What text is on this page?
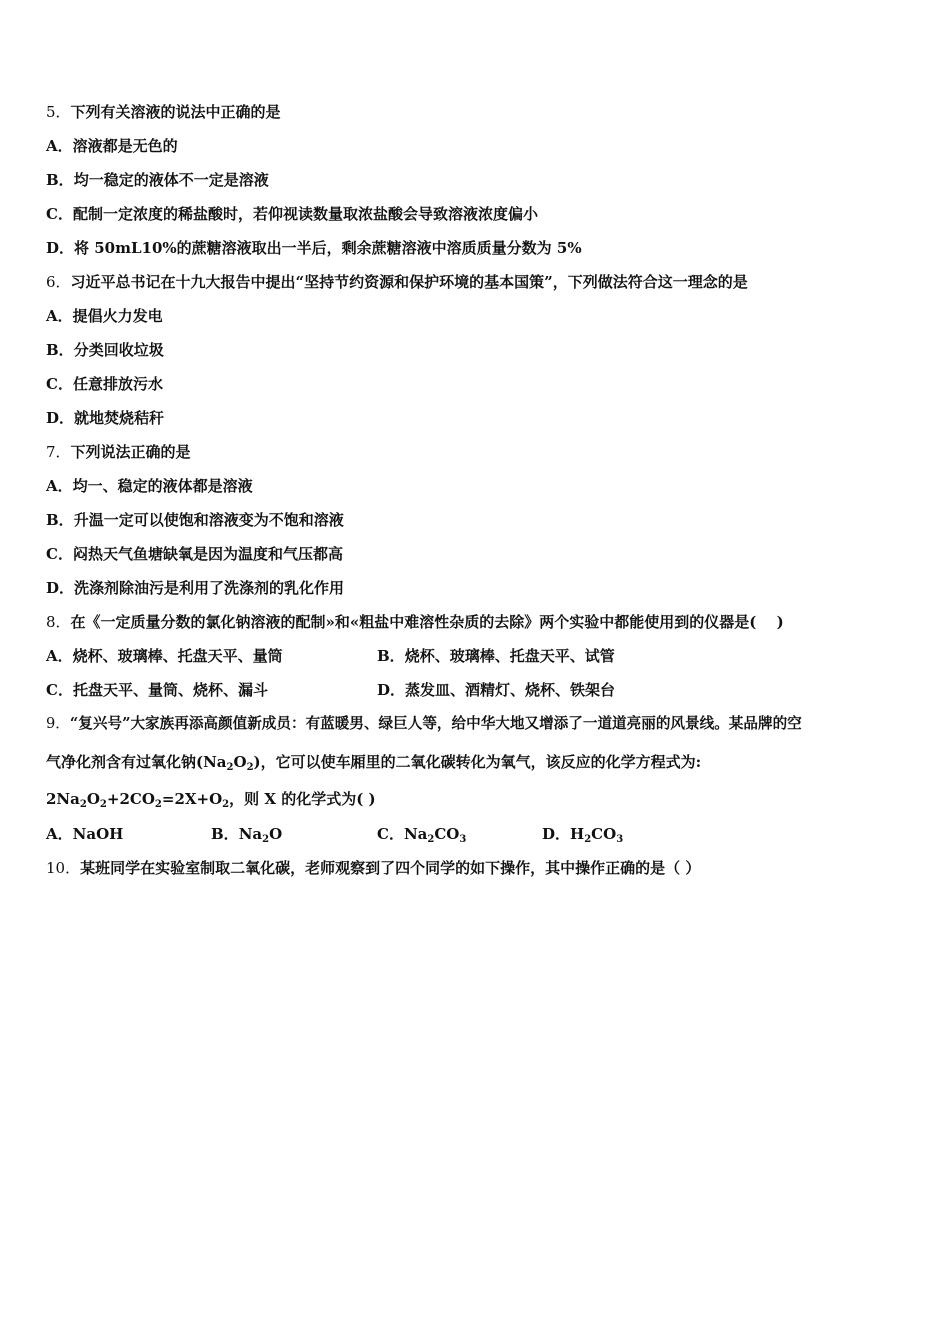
5．下列有关溶液的说法中正确的是
A．溶液都是无色的
B．均一稳定的液体不一定是溶液
C．配制一定浓度的稀盐酸时，若仰视读数量取浓盐酸会导致溶液浓度偏小
D．将 50mL10%的蔗糖溶液取出一半后，剩余蔗糖溶液中溶质质量分数为 5%
6．习近平总书记在十九大报告中提出“坚持节约资源和保护环境的基本国策”，下列做法符合这一理念的是
A．提倡火力发电
B．分类回收垃圾
C．任意排放污水
D．就地焚烧秸秆
7．下列说法正确的是
A．均一、稳定的液体都是溶液
B．升温一定可以使饱和溶液变为不饱和溶液
C．闷热天气鱼塘缺氧是因为温度和气压都高
D．洗涤剂除油污是利用了洗涤剂的乳化作用
8．在《一定质量分数的氯化钠溶液的配制»和«粗盐中难溶性杂质的去除》两个实验中都能使用到的仪器是(　 )
A．烧杯、玻璃棒、托盘天平、量筒	B．烧杯、玻璃棒、托盘天平、试管
C．托盘天平、量筒、烧杯、漏斗	D．蒸发皿、酒精灯、烧杯、铁架台
9．“复兴号”大家族再添高颜值新成员：有蓝暖男、绿巨人等，给中华大地又增添了一道道亮丽的风景线。某品牌的空
气净化剂含有过氧化钠$(Na_2O_2)$，它可以使车厢里的二氧化碳转化为氧气，该反应的化学方程式为:
$2Na_2O_2+2CO_2=2X+O_2$，则 X 的化学式为( )
A．NaOH	B．$Na_2O$	C．$Na_2CO_3$	D．$H_2CO_3$
10．某班同学在实验室制取二氧化碳，老师观察到了四个同学的如下操作，其中操作正确的是（ ）
